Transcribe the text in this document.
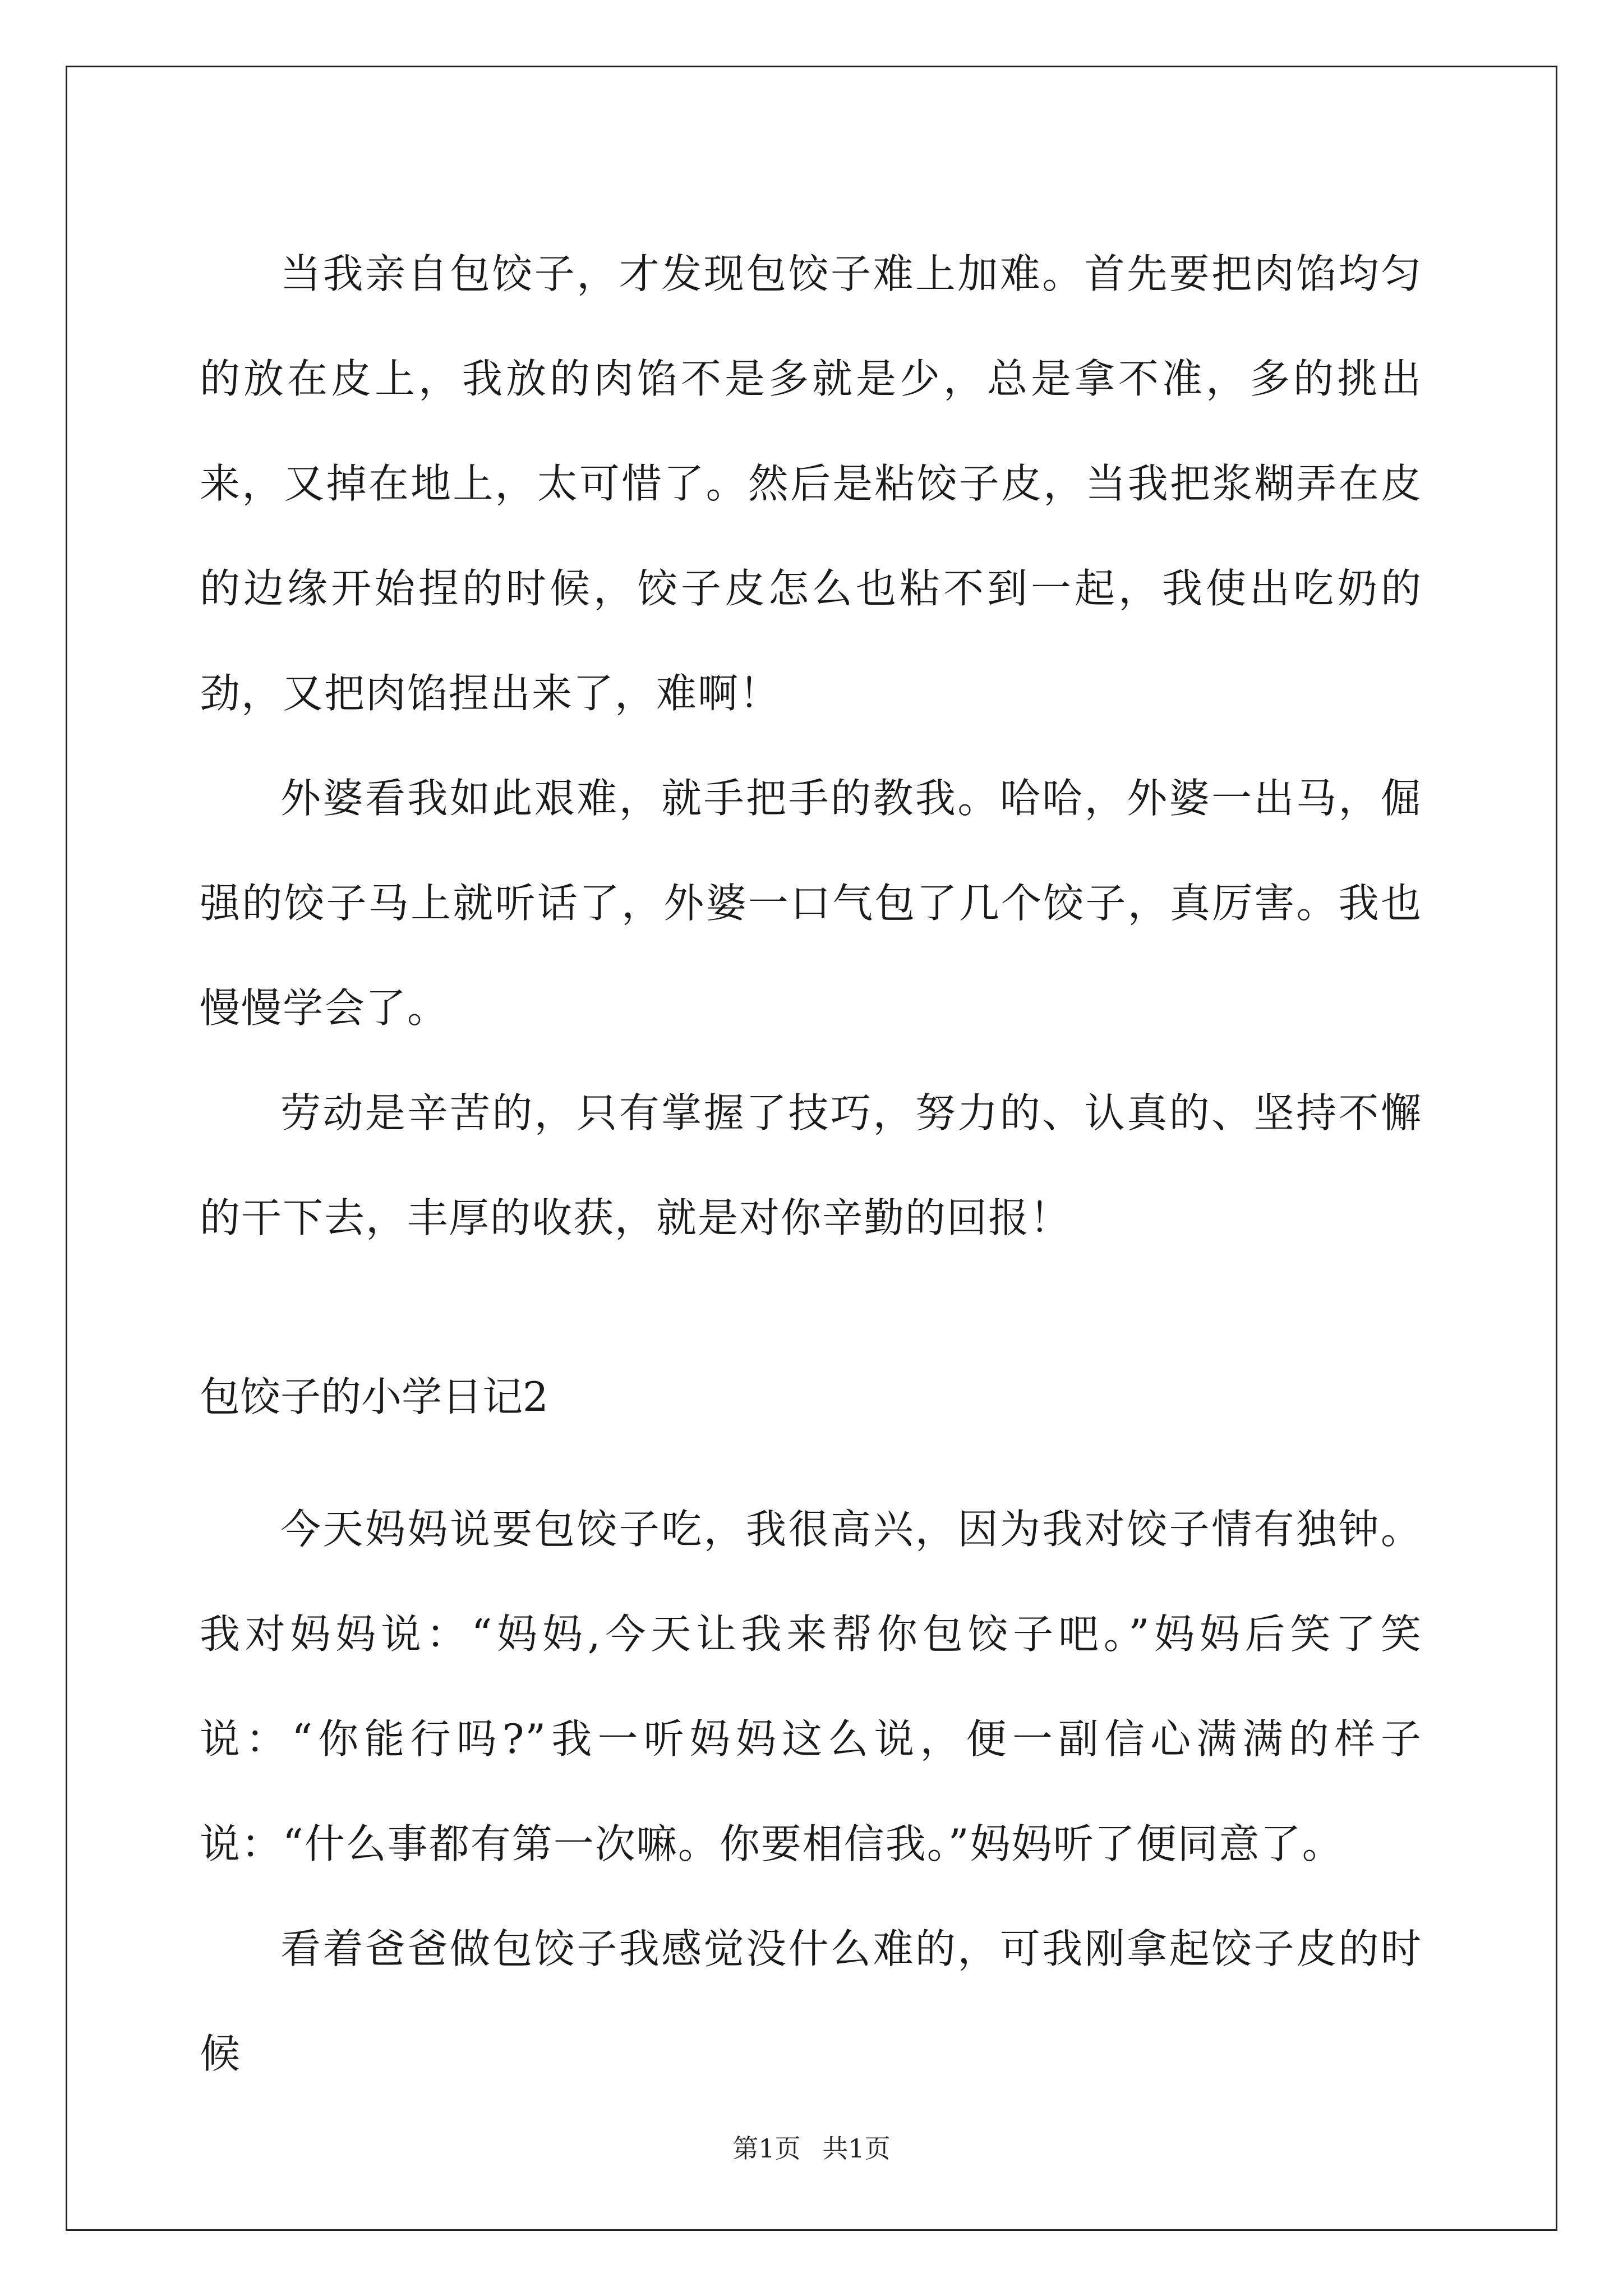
当我亲自包饺子，才发现包饺子难上加难。首先要把肉馅均匀的放在皮上，我放的肉馅不是多就是少，总是拿不准，多的挑出来，又掉在地上，太可惜了。然后是粘饺子皮，当我把浆糊弄在皮的边缘开始捏的时候，饺子皮怎么也粘不到一起，我使出吃奶的劲，又把肉馅捏出来了，难啊！

外婆看我如此艰难，就手把手的教我。哈哈，外婆一出马，倔强的饺子马上就听话了，外婆一口气包了几个饺子，真厉害。我也慢慢学会了。

劳动是辛苦的，只有掌握了技巧，努力的、认真的、坚持不懈的干下去，丰厚的收获，就是对你辛勤的回报！

包饺子的小学日记2

今天妈妈说要包饺子吃，我很高兴，因为我对饺子情有独钟。我对妈妈说：“妈妈,今天让我来帮你包饺子吧。”妈妈后笑了笑说：“你能行吗?”我一听妈妈这么说，便一副信心满满的样子说：“什么事都有第一次嘛。你要相信我。”妈妈听了便同意了。

看着爸爸做包饺子我感觉没什么难的，可我刚拿起饺子皮的时候

第1页 共1页
